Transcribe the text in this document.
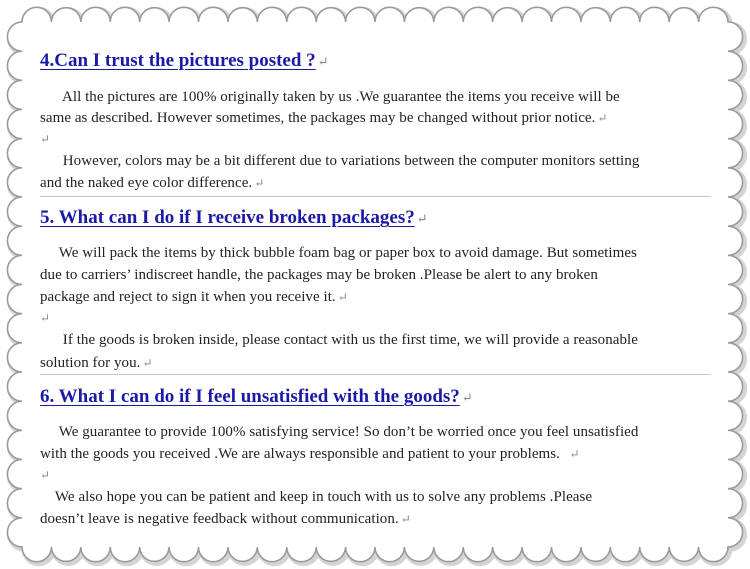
4.Can I trust the pictures posted ? ↵
All the pictures are 100% originally taken by us .We guarantee the items you receive will be
same as described. However sometimes, the packages may be changed without prior notice. ↵
↵
However, colors may be a bit different due to variations between the computer monitors setting
and the naked eye color difference. ↵
5. What can I do if I receive broken packages? ↵
We will pack the items by thick bubble foam bag or paper box to avoid damage. But sometimes
due to carriers’ indiscreet handle, the packages may be broken .Please be alert to any broken
package and reject to sign it when you receive it. ↵
↵
If the goods is broken inside, please contact with us the first time, we will provide a reasonable
solution for you. ↵
6. What I can do if I feel unsatisfied with the goods? ↵
We guarantee to provide 100% satisfying service! So don’t be worried once you feel unsatisfied
with the goods you received .We are always responsible and patient to your problems.  ↵
↵
We also hope you can be patient and keep in touch with us to solve any problems .Please
doesn’t leave is negative feedback without communication. ↵
